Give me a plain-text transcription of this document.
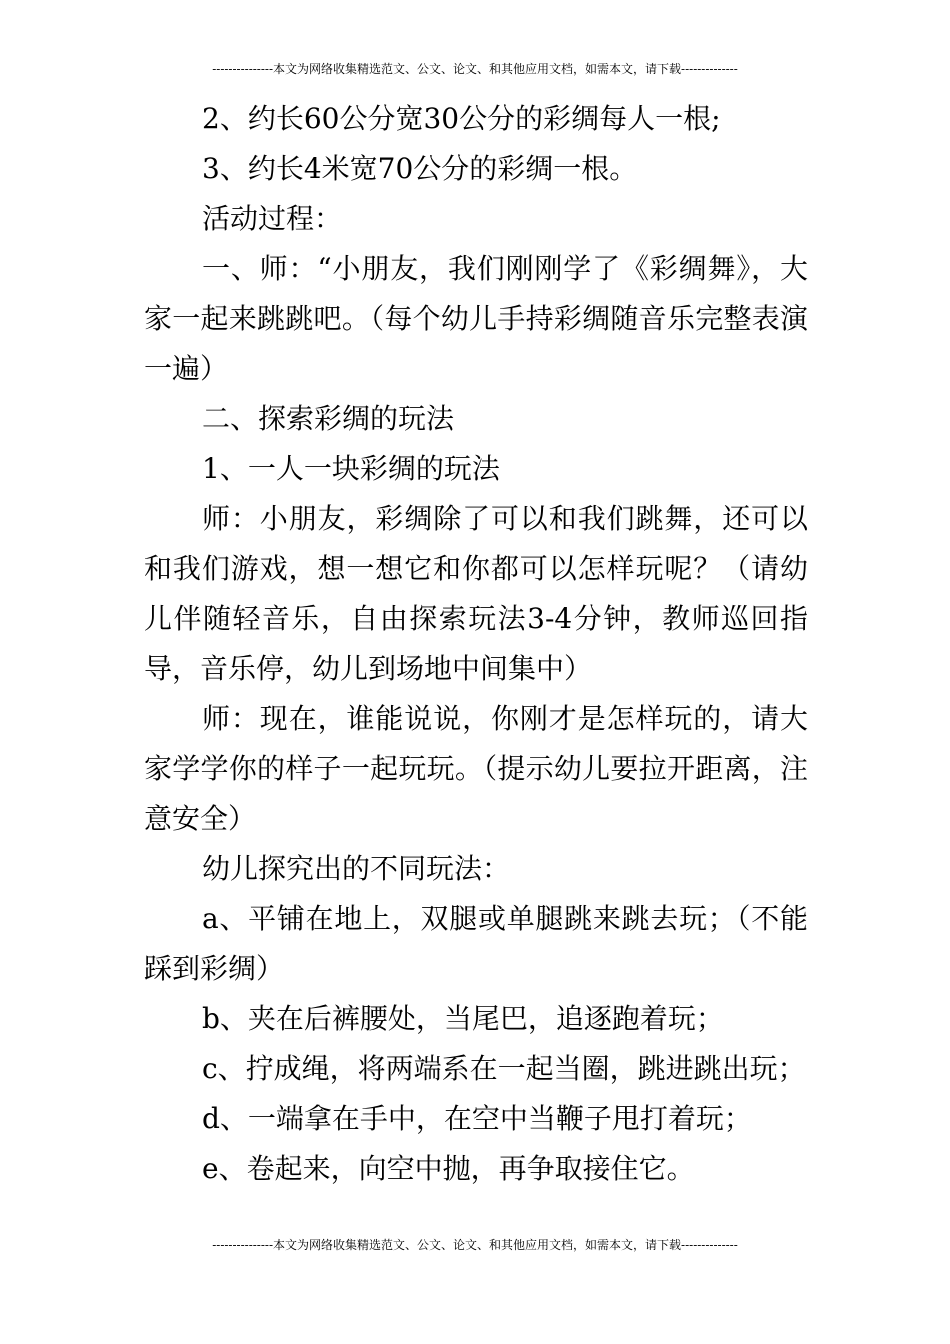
---------------本文为网络收集精选范文、公文、论文、和其他应用文档，如需本文，请下载--------------

2、约长60公分宽30公分的彩绸每人一根;

3、约长4米宽70公分的彩绸一根。

活动过程：

一、师：“小朋友，我们刚刚学了《彩绸舞》，大家一起来跳跳吧。（每个幼儿手持彩绸随音乐完整表演一遍）

二、探索彩绸的玩法

1、一人一块彩绸的玩法

师：小朋友，彩绸除了可以和我们跳舞，还可以和我们游戏，想一想它和你都可以怎样玩呢？（请幼儿伴随轻音乐，自由探索玩法3-4分钟，教师巡回指导，音乐停，幼儿到场地中间集中）

师：现在，谁能说说，你刚才是怎样玩的，请大家学学你的样子一起玩玩。（提示幼儿要拉开距离，注意安全）

幼儿探究出的不同玩法：

a、平铺在地上，双腿或单腿跳来跳去玩；（不能踩到彩绸）

b、夹在后裤腰处，当尾巴，追逐跑着玩；

c、拧成绳，将两端系在一起当圈，跳进跳出玩；

d、一端拿在手中，在空中当鞭子甩打着玩；

e、卷起来，向空中抛，再争取接住它。

---------------本文为网络收集精选范文、公文、论文、和其他应用文档，如需本文，请下载--------------
